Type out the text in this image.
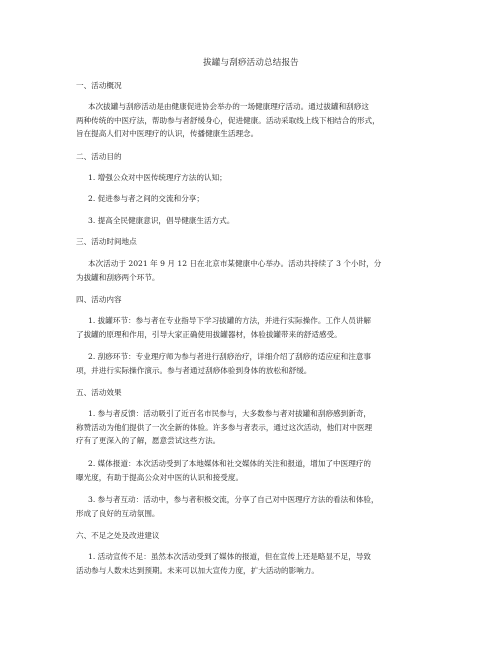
拔罐与刮痧活动总结报告
一、活动概况
本次拔罐与刮痧活动是由健康促进协会举办的一场健康理疗活动。通过拔罐和刮痧这
两种传统的中医疗法，帮助参与者舒缓身心，促进健康。活动采取线上线下相结合的形式，
旨在提高人们对中医理疗的认识，传播健康生活理念。
二、活动目的
1. 增强公众对中医传统理疗方法的认知；
2. 促进参与者之间的交流和分享；
3. 提高全民健康意识，倡导健康生活方式。
三、活动时间地点
本次活动于 2021 年 9 月 12 日在北京市某健康中心举办。活动共持续了 3 个小时，分
为拔罐和刮痧两个环节。
四、活动内容
1. 拔罐环节：参与者在专业指导下学习拔罐的方法，并进行实际操作。工作人员讲解
了拔罐的原理和作用，引导大家正确使用拔罐器材，体验拔罐带来的舒适感受。
2. 刮痧环节：专业理疗师为参与者进行刮痧治疗，详细介绍了刮痧的适应症和注意事
项，并进行实际操作演示。参与者通过刮痧体验到身体的放松和舒缓。
五、活动效果
1. 参与者反馈：活动吸引了近百名市民参与，大多数参与者对拔罐和刮痧感到新奇，
称赞活动为他们提供了一次全新的体验。许多参与者表示，通过这次活动，他们对中医理
疗有了更深入的了解，愿意尝试这些方法。
2. 媒体报道：本次活动受到了本地媒体和社交媒体的关注和报道，增加了中医理疗的
曝光度，有助于提高公众对中医的认识和接受度。
3. 参与者互动：活动中，参与者积极交流，分享了自己对中医理疗方法的看法和体验，
形成了良好的互动氛围。
六、不足之处及改进建议
1. 活动宣传不足：虽然本次活动受到了媒体的报道，但在宣传上还是略显不足，导致
活动参与人数未达到预期。未来可以加大宣传力度，扩大活动的影响力。
